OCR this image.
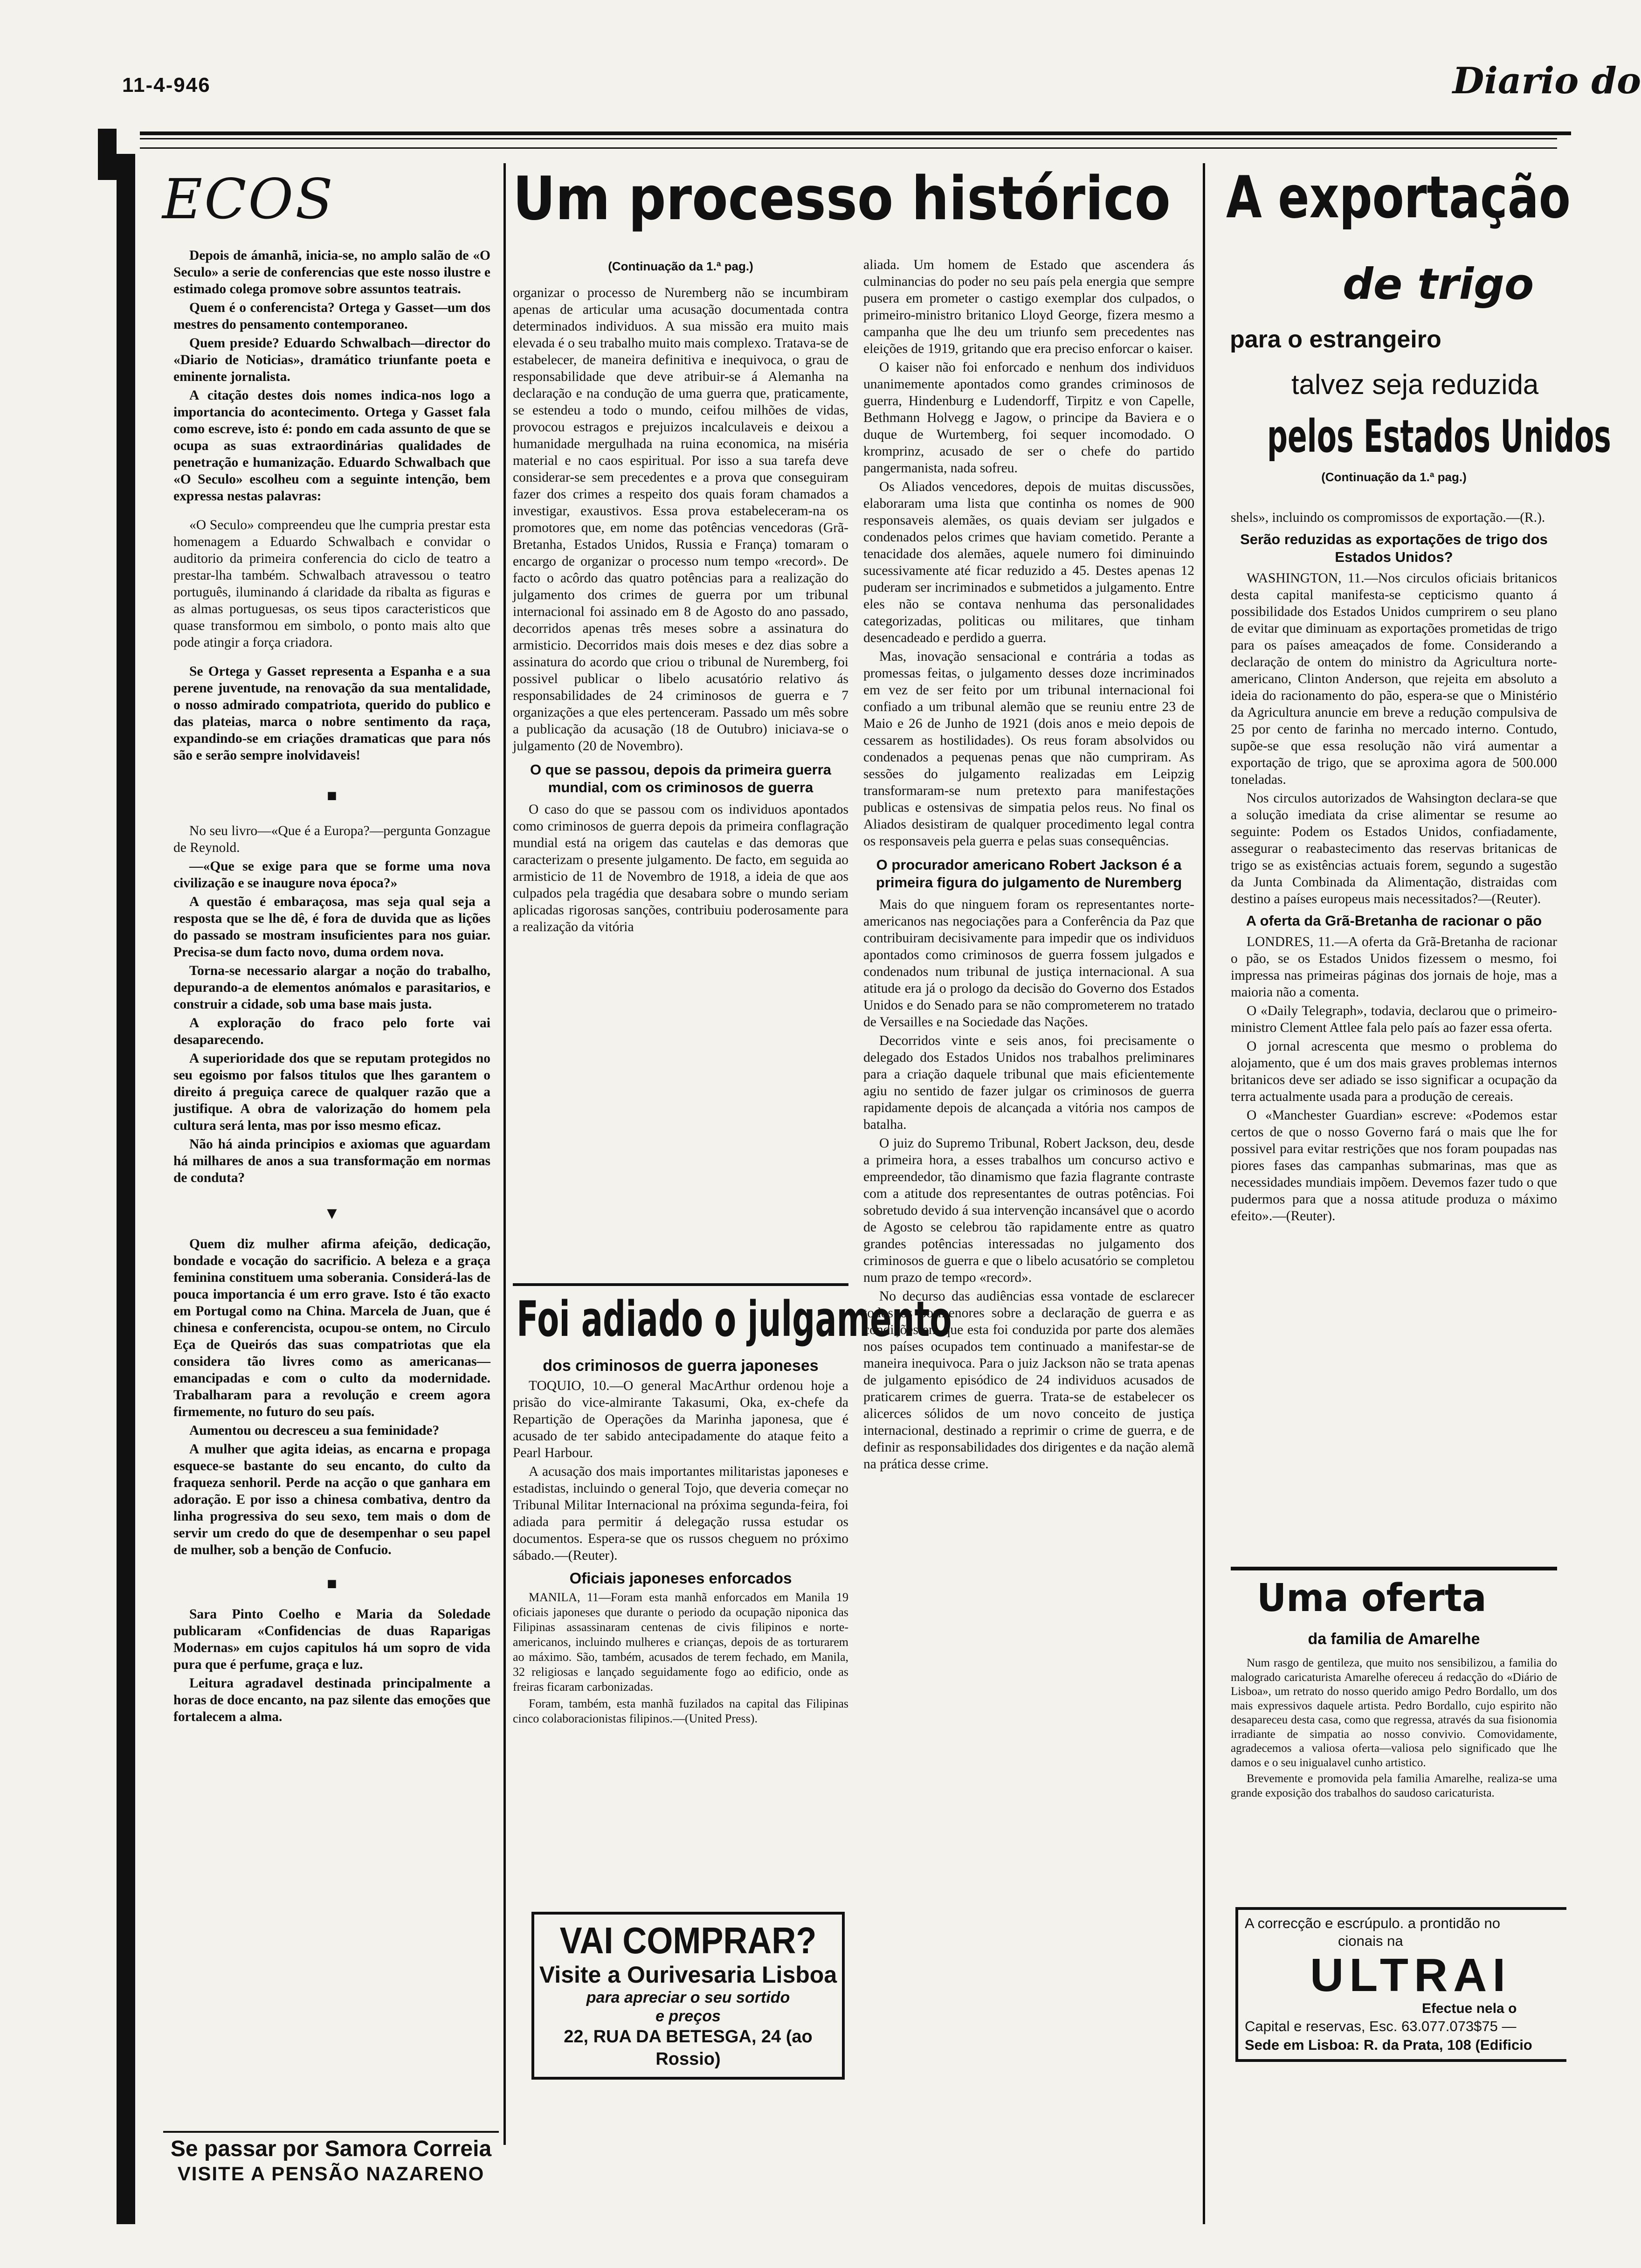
11-4-946	Diario do
ECOS

Depois de ámanhã, inicia-se, no amplo salão de «O Seculo» a serie de conferencias que este nosso ilustre e estimado colega promove sobre assuntos teatrais.

Quem é o conferencista? Ortega y Gasset—um dos mestres do pensamento contemporaneo.

Quem preside? Eduardo Schwalbach—director do «Diario de Noticias», dramático triunfante poeta e eminente jornalista.

A citação destes dois nomes indica-nos logo a importancia do acontecimento. Ortega y Gasset fala como escreve, isto é: pondo em cada assunto de que se ocupa as suas extraordinárias qualidades de penetração e humanização. Eduardo Schwalbach que «O Seculo» escolheu com a seguinte intenção, bem expressa nestas palavras:

«O Seculo» compreendeu que lhe cumpria prestar esta homenagem a Eduardo Schwalbach e convidar o auditorio da primeira conferencia do ciclo de teatro a prestar-lha também. Schwalbach atravessou o teatro português, iluminando á claridade da ribalta as figuras e as almas portuguesas, os seus tipos caracteristicos que quase transformou em simbolo, o ponto mais alto que pode atingir a força criadora.

Se Ortega y Gasset representa a Espanha e a sua perene juventude, na renovação da sua mentalidade, o nosso admirado compatriota, querido do publico e das plateias, marca o nobre sentimento da raça, expandindo-se em criações dramaticas que para nós são e serão sempre inolvidaveis!

■

No seu livro—«Que é a Europa?—pergunta Gonzague de Reynold.

—«Que se exige para que se forme uma nova civilização e se inaugure nova época?»

A questão é embaraçosa, mas seja qual seja a resposta que se lhe dê, é fora de duvida que as lições do passado se mostram insuficientes para nos guiar. Precisa-se dum facto novo, duma ordem nova.

Torna-se necessario alargar a noção do trabalho, depurando-a de elementos anómalos e parasitarios, e construir a cidade, sob uma base mais justa.

A exploração do fraco pelo forte vai desaparecendo.

A superioridade dos que se reputam protegidos no seu egoismo por falsos titulos que lhes garantem o direito á preguiça carece de qualquer razão que a justifique. A obra de valorização do homem pela cultura será lenta, mas por isso mesmo eficaz.

Não há ainda principios e axiomas que aguardam há milhares de anos a sua transformação em normas de conduta?

▼

Quem diz mulher afirma afeição, dedicação, bondade e vocação do sacrificio. A beleza e a graça feminina constituem uma soberania. Considerá-las de pouca importancia é um erro grave. Isto é tão exacto em Portugal como na China. Marcela de Juan, que é chinesa e conferencista, ocupou-se ontem, no Circulo Eça de Queirós das suas compatriotas que ela considera tão livres como as americanas—emancipadas e com o culto da modernidade. Trabalharam para a revolução e creem agora firmemente, no futuro do seu país.

Aumentou ou decresceu a sua feminidade?

A mulher que agita ideias, as encarna e propaga esquece-se bastante do seu encanto, do culto da fraqueza senhoril. Perde na acção o que ganhara em adoração. E por isso a chinesa combativa, dentro da linha progressiva do seu sexo, tem mais o dom de servir um credo do que de desempenhar o seu papel de mulher, sob a benção de Confucio.

■

Sara Pinto Coelho e Maria da Soledade publicaram «Confidencias de duas Raparigas Modernas» em cujos capitulos há um sopro de vida pura que é perfume, graça e luz.

Leitura agradavel destinada principalmente a horas de doce encanto, na paz silente das emoções que fortalecem a alma.

Se passar por Samora Correia
VISITE A PENSÃO NAZARENO
Um processo histórico
(Continuação da 1.ª pag.)

organizar o processo de Nuremberg não se incumbiram apenas de articular uma acusação documentada contra determinados individuos. A sua missão era muito mais elevada é o seu trabalho muito mais complexo. Tratava-se de estabelecer, de maneira definitiva e inequivoca, o grau de responsabilidade que deve atribuir-se á Alemanha na declaração e na condução de uma guerra que, praticamente, se estendeu a todo o mundo, ceifou milhões de vidas, provocou estragos e prejuizos incalculaveis e deixou a humanidade mergulhada na ruina economica, na miséria material e no caos espiritual. Por isso a sua tarefa deve considerar-se sem precedentes e a prova que conseguiram fazer dos crimes a respeito dos quais foram chamados a investigar, exaustivos. Essa prova estabeleceram-na os promotores que, em nome das potências vencedoras (Grã-Bretanha, Estados Unidos, Russia e França) tomaram o encargo de organizar o processo num tempo «record». De facto o acôrdo das quatro potências para a realização do julgamento dos crimes de guerra por um tribunal internacional foi assinado em 8 de Agosto do ano passado, decorridos apenas três meses sobre a assinatura do armisticio. Decorridos mais dois meses e dez dias sobre a assinatura do acordo que criou o tribunal de Nuremberg, foi possivel publicar o libelo acusatório relativo ás responsabilidades de 24 criminosos de guerra e 7 organizações a que eles pertenceram. Passado um mês sobre a publicação da acusação (18 de Outubro) iniciava-se o julgamento (20 de Novembro).

O que se passou, depois da primeira guerra mundial, com os criminosos de guerra

O caso do que se passou com os individuos apontados como criminosos de guerra depois da primeira conflagração mundial está na origem das cautelas e das demoras que caracterizam o presente julgamento. De facto, em seguida ao armisticio de 11 de Novembro de 1918, a ideia de que aos culpados pela tragédia que desabara sobre o mundo seriam aplicadas rigorosas sanções, contribuiu poderosamente para a realização da vitória

aliada. Um homem de Estado que ascendera ás culminancias do poder no seu país pela energia que sempre pusera em prometer o castigo exemplar dos culpados, o primeiro-ministro britanico Lloyd George, fizera mesmo a campanha que lhe deu um triunfo sem precedentes nas eleições de 1919, gritando que era preciso enforcar o kaiser.

O kaiser não foi enforcado e nenhum dos individuos unanimemente apontados como grandes criminosos de guerra, Hindenburg e Ludendorff, Tirpitz e von Capelle, Bethmann Holvegg e Jagow, o principe da Baviera e o duque de Wurtemberg, foi sequer incomodado. O kromprinz, acusado de ser o chefe do partido pangermanista, nada sofreu.

Os Aliados vencedores, depois de muitas discussões, elaboraram uma lista que continha os nomes de 900 responsaveis alemães, os quais deviam ser julgados e condenados pelos crimes que haviam cometido. Perante a tenacidade dos alemães, aquele numero foi diminuindo sucessivamente até ficar reduzido a 45. Destes apenas 12 puderam ser incriminados e submetidos a julgamento. Entre eles não se contava nenhuma das personalidades categorizadas, politicas ou militares, que tinham desencadeado e perdido a guerra.

Mas, inovação sensacional e contrária a todas as promessas feitas, o julgamento desses doze incriminados em vez de ser feito por um tribunal internacional foi confiado a um tribunal alemão que se reuniu entre 23 de Maio e 26 de Junho de 1921 (dois anos e meio depois de cessarem as hostilidades). Os reus foram absolvidos ou condenados a pequenas penas que não cumpriram. As sessões do julgamento realizadas em Leipzig transformaram-se num pretexto para manifestações publicas e ostensivas de simpatia pelos reus. No final os Aliados desistiram de qualquer procedimento legal contra os responsaveis pela guerra e pelas suas consequências.

O procurador americano Robert Jackson é a primeira figura do julgamento de Nuremberg

Mais do que ninguem foram os representantes norte-americanos nas negociações para a Conferência da Paz que contribuiram decisivamente para impedir que os individuos apontados como criminosos de guerra fossem julgados e condenados num tribunal de justiça internacional. A sua atitude era já o prologo da decisão do Governo dos Estados Unidos e do Senado para se não comprometerem no tratado de Versailles e na Sociedade das Nações.

Decorridos vinte e seis anos, foi precisamente o delegado dos Estados Unidos nos trabalhos preliminares para a criação daquele tribunal que mais eficientemente agiu no sentido de fazer julgar os criminosos de guerra rapidamente depois de alcançada a vitória nos campos de batalha.

O juiz do Supremo Tribunal, Robert Jackson, deu, desde a primeira hora, a esses trabalhos um concurso activo e empreendedor, tão dinamismo que fazia flagrante contraste com a atitude dos representantes de outras potências. Foi sobretudo devido á sua intervenção incansável que o acordo de Agosto se celebrou tão rapidamente entre as quatro grandes potências interessadas no julgamento dos criminosos de guerra e que o libelo acusatório se completou num prazo de tempo «record».

No decurso das audiências essa vontade de esclarecer todos os pormenores sobre a declaração de guerra e as condições em que esta foi conduzida por parte dos alemães nos países ocupados tem continuado a manifestar-se de maneira inequivoca. Para o juiz Jackson não se trata apenas de julgamento episódico de 24 individuos acusados de praticarem crimes de guerra. Trata-se de estabelecer os alicerces sólidos de um novo conceito de justiça internacional, destinado a reprimir o crime de guerra, e de definir as responsabilidades dos dirigentes e da nação alemã na prática desse crime.

Foi adiado o julgamento
dos criminosos de guerra japoneses

TOQUIO, 10.—O general MacArthur ordenou hoje a prisão do vice-almirante Takasumi, Oka, ex-chefe da Repartição de Operações da Marinha japonesa, que é acusado de ter sabido antecipadamente do ataque feito a Pearl Harbour.

A acusação dos mais importantes militaristas japoneses e estadistas, incluindo o general Tojo, que deveria começar no Tribunal Militar Internacional na próxima segunda-feira, foi adiada para permitir á delegação russa estudar os documentos. Espera-se que os russos cheguem no próximo sábado.—(Reuter).

Oficiais japoneses enforcados

MANILA, 11—Foram esta manhã enforcados em Manila 19 oficiais japoneses que durante o periodo da ocupação niponica das Filipinas assassinaram centenas de civis filipinos e norte-americanos, incluindo mulheres e crianças, depois de as torturarem ao máximo. São, também, acusados de terem fechado, em Manila, 32 religiosas e lançado seguidamente fogo ao edificio, onde as freiras ficaram carbonizadas.

Foram, também, esta manhã fuzilados na capital das Filipinas cinco colaboracionistas filipinos.—(United Press).

VAI COMPRAR?
Visite a Ourivesaria Lisboa
para apreciar o seu sortido
e preços
22, RUA DA BETESGA, 24 (ao Rossio)
A exportação
de trigo
para o estrangeiro
talvez seja reduzida
pelos Estados Unidos
(Continuação da 1.ª pag.)

shels», incluindo os compromissos de exportação.—(R.).

Serão reduzidas as exportações de trigo dos Estados Unidos?

WASHINGTON, 11.—Nos circulos oficiais britanicos desta capital manifesta-se cepticismo quanto á possibilidade dos Estados Unidos cumprirem o seu plano de evitar que diminuam as exportações prometidas de trigo para os países ameaçados de fome. Considerando a declaração de ontem do ministro da Agricultura norte-americano, Clinton Anderson, que rejeita em absoluto a ideia do racionamento do pão, espera-se que o Ministério da Agricultura anuncie em breve a redução compulsiva de 25 por cento de farinha no mercado interno. Contudo, supõe-se que essa resolução não virá aumentar a exportação de trigo, que se aproxima agora de 500.000 toneladas.

Nos circulos autorizados de Wahsington declara-se que a solução imediata da crise alimentar se resume ao seguinte: Podem os Estados Unidos, confiadamente, assegurar o reabastecimento das reservas britanicas de trigo se as existências actuais forem, segundo a sugestão da Junta Combinada da Alimentação, distraidas com destino a países europeus mais necessitados?—(Reuter).

A oferta da Grã-Bretanha de racionar o pão

LONDRES, 11.—A oferta da Grã-Bretanha de racionar o pão, se os Estados Unidos fizessem o mesmo, foi impressa nas primeiras páginas dos jornais de hoje, mas a maioria não a comenta.

O «Daily Telegraph», todavia, declarou que o primeiro-ministro Clement Attlee fala pelo país ao fazer essa oferta.

O jornal acrescenta que mesmo o problema do alojamento, que é um dos mais graves problemas internos britanicos deve ser adiado se isso significar a ocupação da terra actualmente usada para a produção de cereais.

O «Manchester Guardian» escreve: «Podemos estar certos de que o nosso Governo fará o mais que lhe for possivel para evitar restrições que nos foram poupadas nas piores fases das campanhas submarinas, mas que as necessidades mundiais impõem. Devemos fazer tudo o que pudermos para que a nossa atitude produza o máximo efeito».—(Reuter).

Uma oferta
da familia de Amarelhe

Num rasgo de gentileza, que muito nos sensibilizou, a familia do malogrado caricaturista Amarelhe ofereceu á redacção do «Diário de Lisboa», um retrato do nosso querido amigo Pedro Bordallo, um dos mais expressivos daquele artista. Pedro Bordallo, cujo espirito não desapareceu desta casa, como que regressa, através da sua fisionomia irradiante de simpatia ao nosso convivio. Comovidamente, agradecemos a valiosa oferta—valiosa pelo significado que lhe damos e o seu inigualavel cunho artistico.

Brevemente e promovida pela familia Amarelhe, realiza-se uma grande exposição dos trabalhos do saudoso caricaturista.

A correcção e escrúpulo. a prontidão no
cionais na
ULTRAI
Efectue nela o
Capital e reservas, Esc. 63.077.073$75 —
Sede em Lisboa: R. da Prata, 108 (Edificio
